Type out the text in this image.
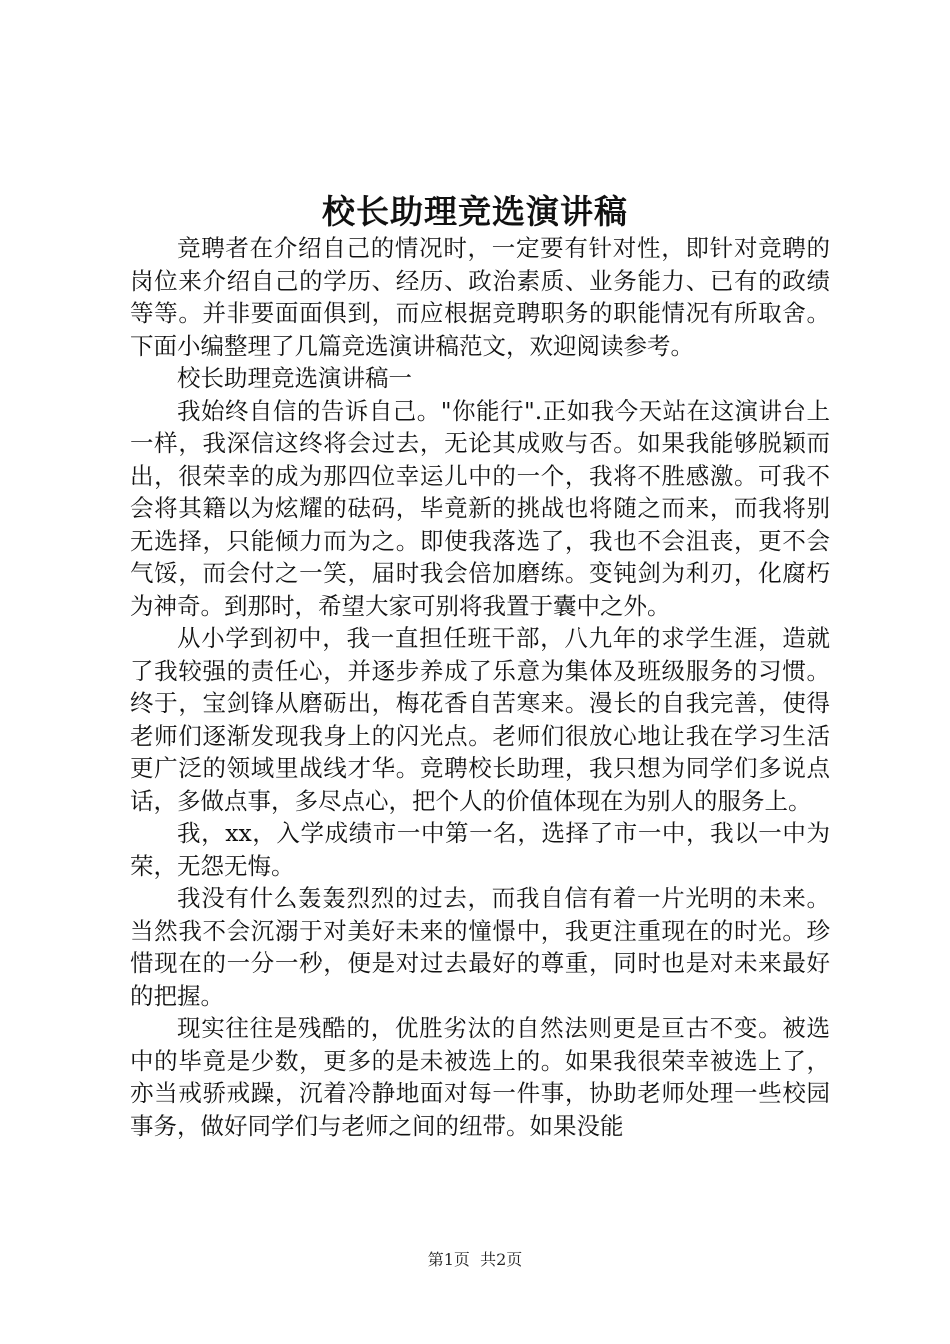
校长助理竞选演讲稿

竞聘者在介绍自己的情况时，一定要有针对性，即针对竞聘的岗位来介绍自己的学历、经历、政治素质、业务能力、已有的政绩等等。并非要面面俱到，而应根据竞聘职务的职能情况有所取舍。下面小编整理了几篇竞选演讲稿范文，欢迎阅读参考。

校长助理竞选演讲稿一

我始终自信的告诉自己。"你能行".正如我今天站在这演讲台上一样，我深信这终将会过去，无论其成败与否。如果我能够脱颖而出，很荣幸的成为那四位幸运儿中的一个，我将不胜感激。可我不会将其籍以为炫耀的砝码，毕竟新的挑战也将随之而来，而我将别无选择，只能倾力而为之。即使我落选了，我也不会沮丧，更不会气馁，而会付之一笑，届时我会倍加磨练。变钝剑为利刃，化腐朽为神奇。到那时，希望大家可别将我置于囊中之外。

从小学到初中，我一直担任班干部，八九年的求学生涯，造就了我较强的责任心，并逐步养成了乐意为集体及班级服务的习惯。终于，宝剑锋从磨砺出，梅花香自苦寒来。漫长的自我完善，使得老师们逐渐发现我身上的闪光点。老师们很放心地让我在学习生活更广泛的领域里战线才华。竞聘校长助理，我只想为同学们多说点话，多做点事，多尽点心，把个人的价值体现在为别人的服务上。

我，xx，入学成绩市一中第一名，选择了市一中，我以一中为荣，无怨无悔。

我没有什么轰轰烈烈的过去，而我自信有着一片光明的未来。当然我不会沉溺于对美好未来的憧憬中，我更注重现在的时光。珍惜现在的一分一秒，便是对过去最好的尊重，同时也是对未来最好的把握。

现实往往是残酷的，优胜劣汰的自然法则更是亘古不变。被选中的毕竟是少数，更多的是未被选上的。如果我很荣幸被选上了，亦当戒骄戒躁，沉着冷静地面对每一件事，协助老师处理一些校园事务，做好同学们与老师之间的纽带。如果没能

第1页 共2页
